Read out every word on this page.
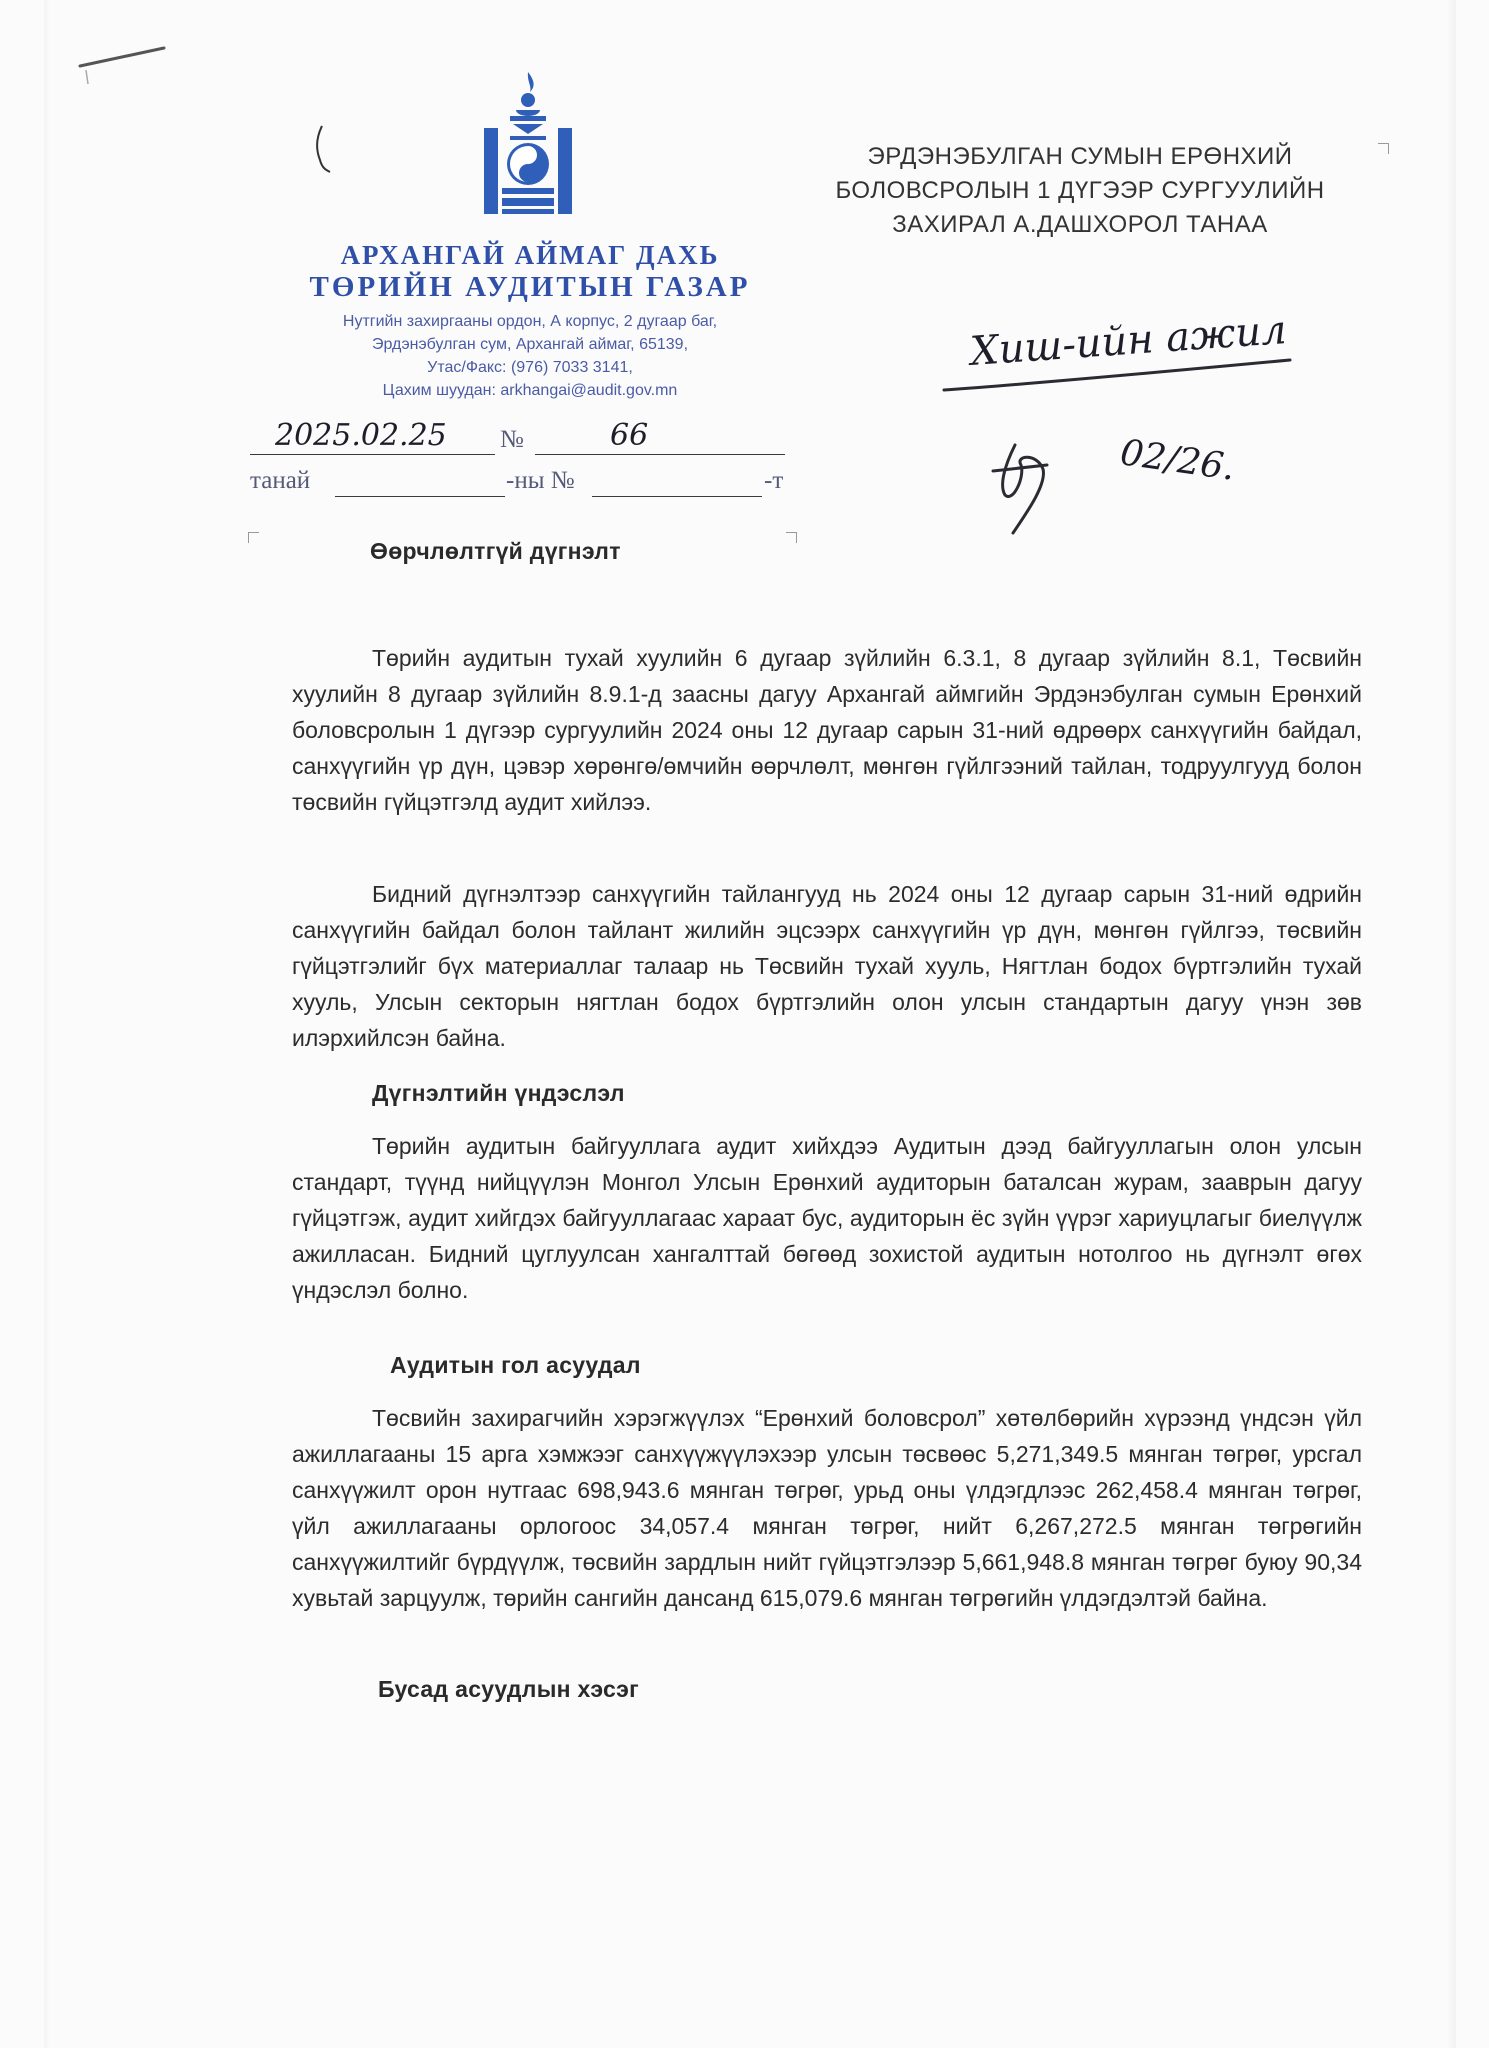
АРХАНГАЙ АЙМАГ ДАХЬ
ТӨРИЙН АУДИТЫН ГАЗАР
Нутгийн захиргааны ордон, А корпус, 2 дугаар баг,
Эрдэнэбулган сум, Архангай аймаг, 65139,
Утас/Факс: (976) 7033 3141,
Цахим шуудан: arkhangai@audit.gov.mn
2025.02.25 №	66
танай	-ны №	-т
ЭРДЭНЭБУЛГАН СУМЫН ЕРӨНХИЙ
БОЛОВСРОЛЫН 1 ДҮГЭЭР СУРГУУЛИЙН
ЗАХИРАЛ А.ДАШХОРОЛ ТАНАА
Хиш-ийн ажил
02/26.
Өөрчлөлтгүй дүгнэлт
Төрийн аудитын тухай хуулийн 6 дугаар зүйлийн 6.3.1, 8 дугаар зүйлийн 8.1, Төсвийн хуулийн 8 дугаар зүйлийн 8.9.1-д заасны дагуу Архангай аймгийн Эрдэнэбулган сумын Ерөнхий боловсролын 1 дүгээр сургуулийн 2024 оны 12 дугаар сарын 31-ний өдрөөрх санхүүгийн байдал, санхүүгийн үр дүн, цэвэр хөрөнгө/өмчийн өөрчлөлт, мөнгөн гүйлгээний тайлан, тодруулгууд болон төсвийн гүйцэтгэлд аудит хийлээ.
Бидний дүгнэлтээр санхүүгийн тайлангууд нь 2024 оны 12 дугаар сарын 31-ний өдрийн санхүүгийн байдал болон тайлант жилийн эцсээрх санхүүгийн үр дүн, мөнгөн гүйлгээ, төсвийн гүйцэтгэлийг бүх материаллаг талаар нь Төсвийн тухай хууль, Нягтлан бодох бүртгэлийн тухай хууль, Улсын секторын нягтлан бодох бүртгэлийн олон улсын стандартын дагуу үнэн зөв илэрхийлсэн байна.
Дүгнэлтийн үндэслэл
Төрийн аудитын байгууллага аудит хийхдээ Аудитын дээд байгууллагын олон улсын стандарт, түүнд нийцүүлэн Монгол Улсын Ерөнхий аудиторын баталсан журам, зааврын дагуу гүйцэтгэж, аудит хийгдэх байгууллагаас хараат бус, аудиторын ёс зүйн үүрэг хариуцлагыг биелүүлж ажилласан. Бидний цуглуулсан хангалттай бөгөөд зохистой аудитын нотолгоо нь дүгнэлт өгөх үндэслэл болно.
Аудитын гол асуудал
Төсвийн захирагчийн хэрэгжүүлэх “Ерөнхий боловсрол” хөтөлбөрийн хүрээнд үндсэн үйл ажиллагааны 15 арга хэмжээг санхүүжүүлэхээр улсын төсвөөс 5,271,349.5 мянган төгрөг, урсгал санхүүжилт орон нутгаас 698,943.6 мянган төгрөг, урьд оны үлдэгдлээс 262,458.4 мянган төгрөг, үйл ажиллагааны орлогоос 34,057.4 мянган төгрөг, нийт 6,267,272.5 мянган төгрөгийн санхүүжилтийг бүрдүүлж, төсвийн зардлын нийт гүйцэтгэлээр 5,661,948.8 мянган төгрөг буюу 90,34 хувьтай зарцуулж, төрийн сангийн дансанд 615,079.6 мянган төгрөгийн үлдэгдэлтэй байна.
Бусад асуудлын хэсэг
